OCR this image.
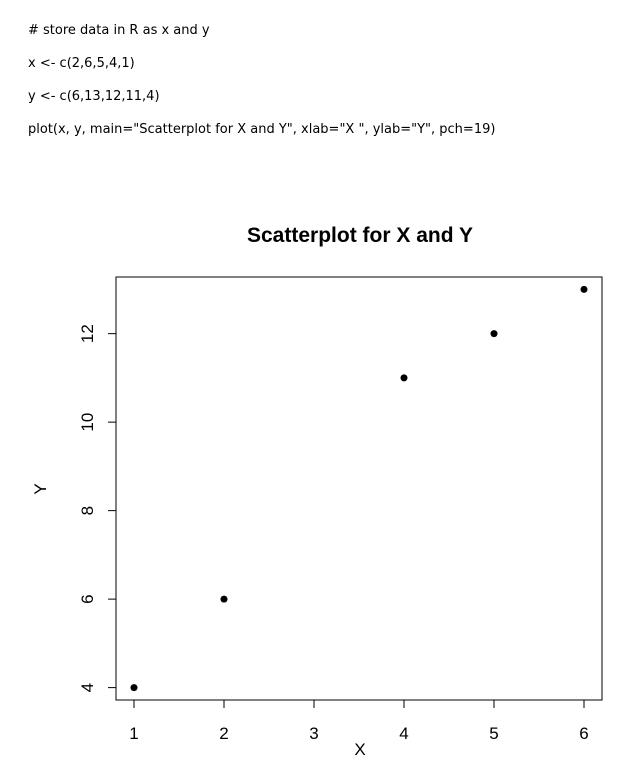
# store data in R as x and y
x <- c(2,6,5,4,1)
y <- c(6,13,12,11,4)
plot(x, y, main="Scatterplot for X and Y", xlab="X ", ylab="Y", pch=19)
Scatterplot for X and Y
1	2	3	4	5	6
4
6
8
10
12
X
Y
